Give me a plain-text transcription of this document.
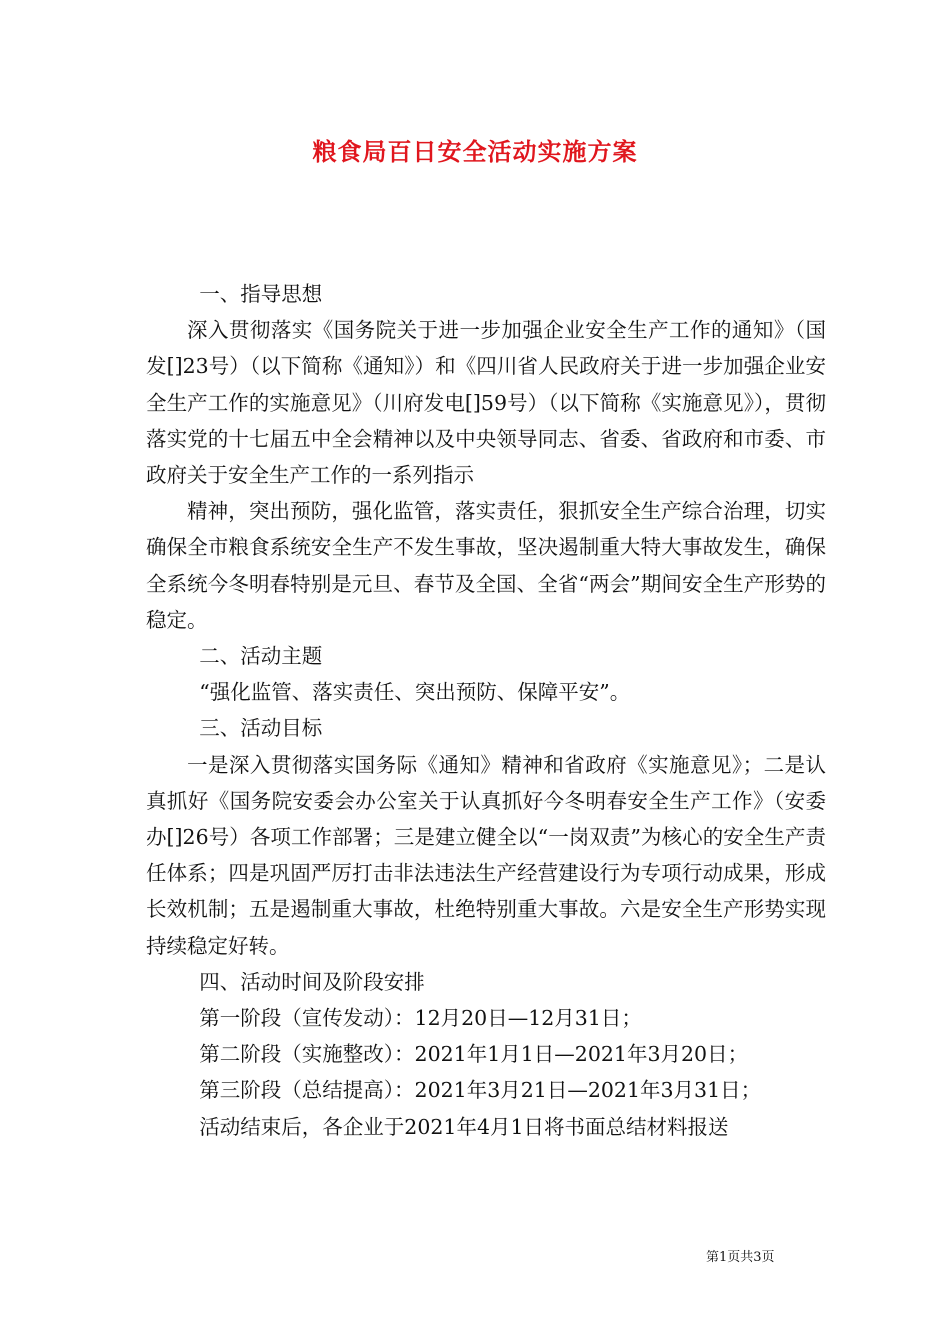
粮食局百日安全活动实施方案

一、指导思想

深入贯彻落实《国务院关于进一步加强企业安全生产工作的通知》（国发[]23号）（以下简称《通知》）和《四川省人民政府关于进一步加强企业安全生产工作的实施意见》（川府发电[]59号）（以下简称《实施意见》），贯彻落实党的十七届五中全会精神以及中央领导同志、省委、省政府和市委、市政府关于安全生产工作的一系列指示

精神，突出预防，强化监管，落实责任，狠抓安全生产综合治理，切实确保全市粮食系统安全生产不发生事故，坚决遏制重大特大事故发生，确保全系统今冬明春特别是元旦、春节及全国、全省“两会”期间安全生产形势的稳定。

二、活动主题

“强化监管、落实责任、突出预防、保障平安”。

三、活动目标

一是深入贯彻落实国务际《通知》精神和省政府《实施意见》；二是认真抓好《国务院安委会办公室关于认真抓好今冬明春安全生产工作》（安委办[]26号）各项工作部署；三是建立健全以“一岗双责”为核心的安全生产责任体系；四是巩固严厉打击非法违法生产经营建设行为专项行动成果，形成长效机制；五是遏制重大事故，杜绝特别重大事故。六是安全生产形势实现持续稳定好转。

四、活动时间及阶段安排

第一阶段（宣传发动）：12月20日—12月31日；

第二阶段（实施整改）：2021年1月1日—2021年3月20日；

第三阶段（总结提高）：2021年3月21日—2021年3月31日；

活动结束后，各企业于2021年4月1日将书面总结材料报送

第1页共3页
